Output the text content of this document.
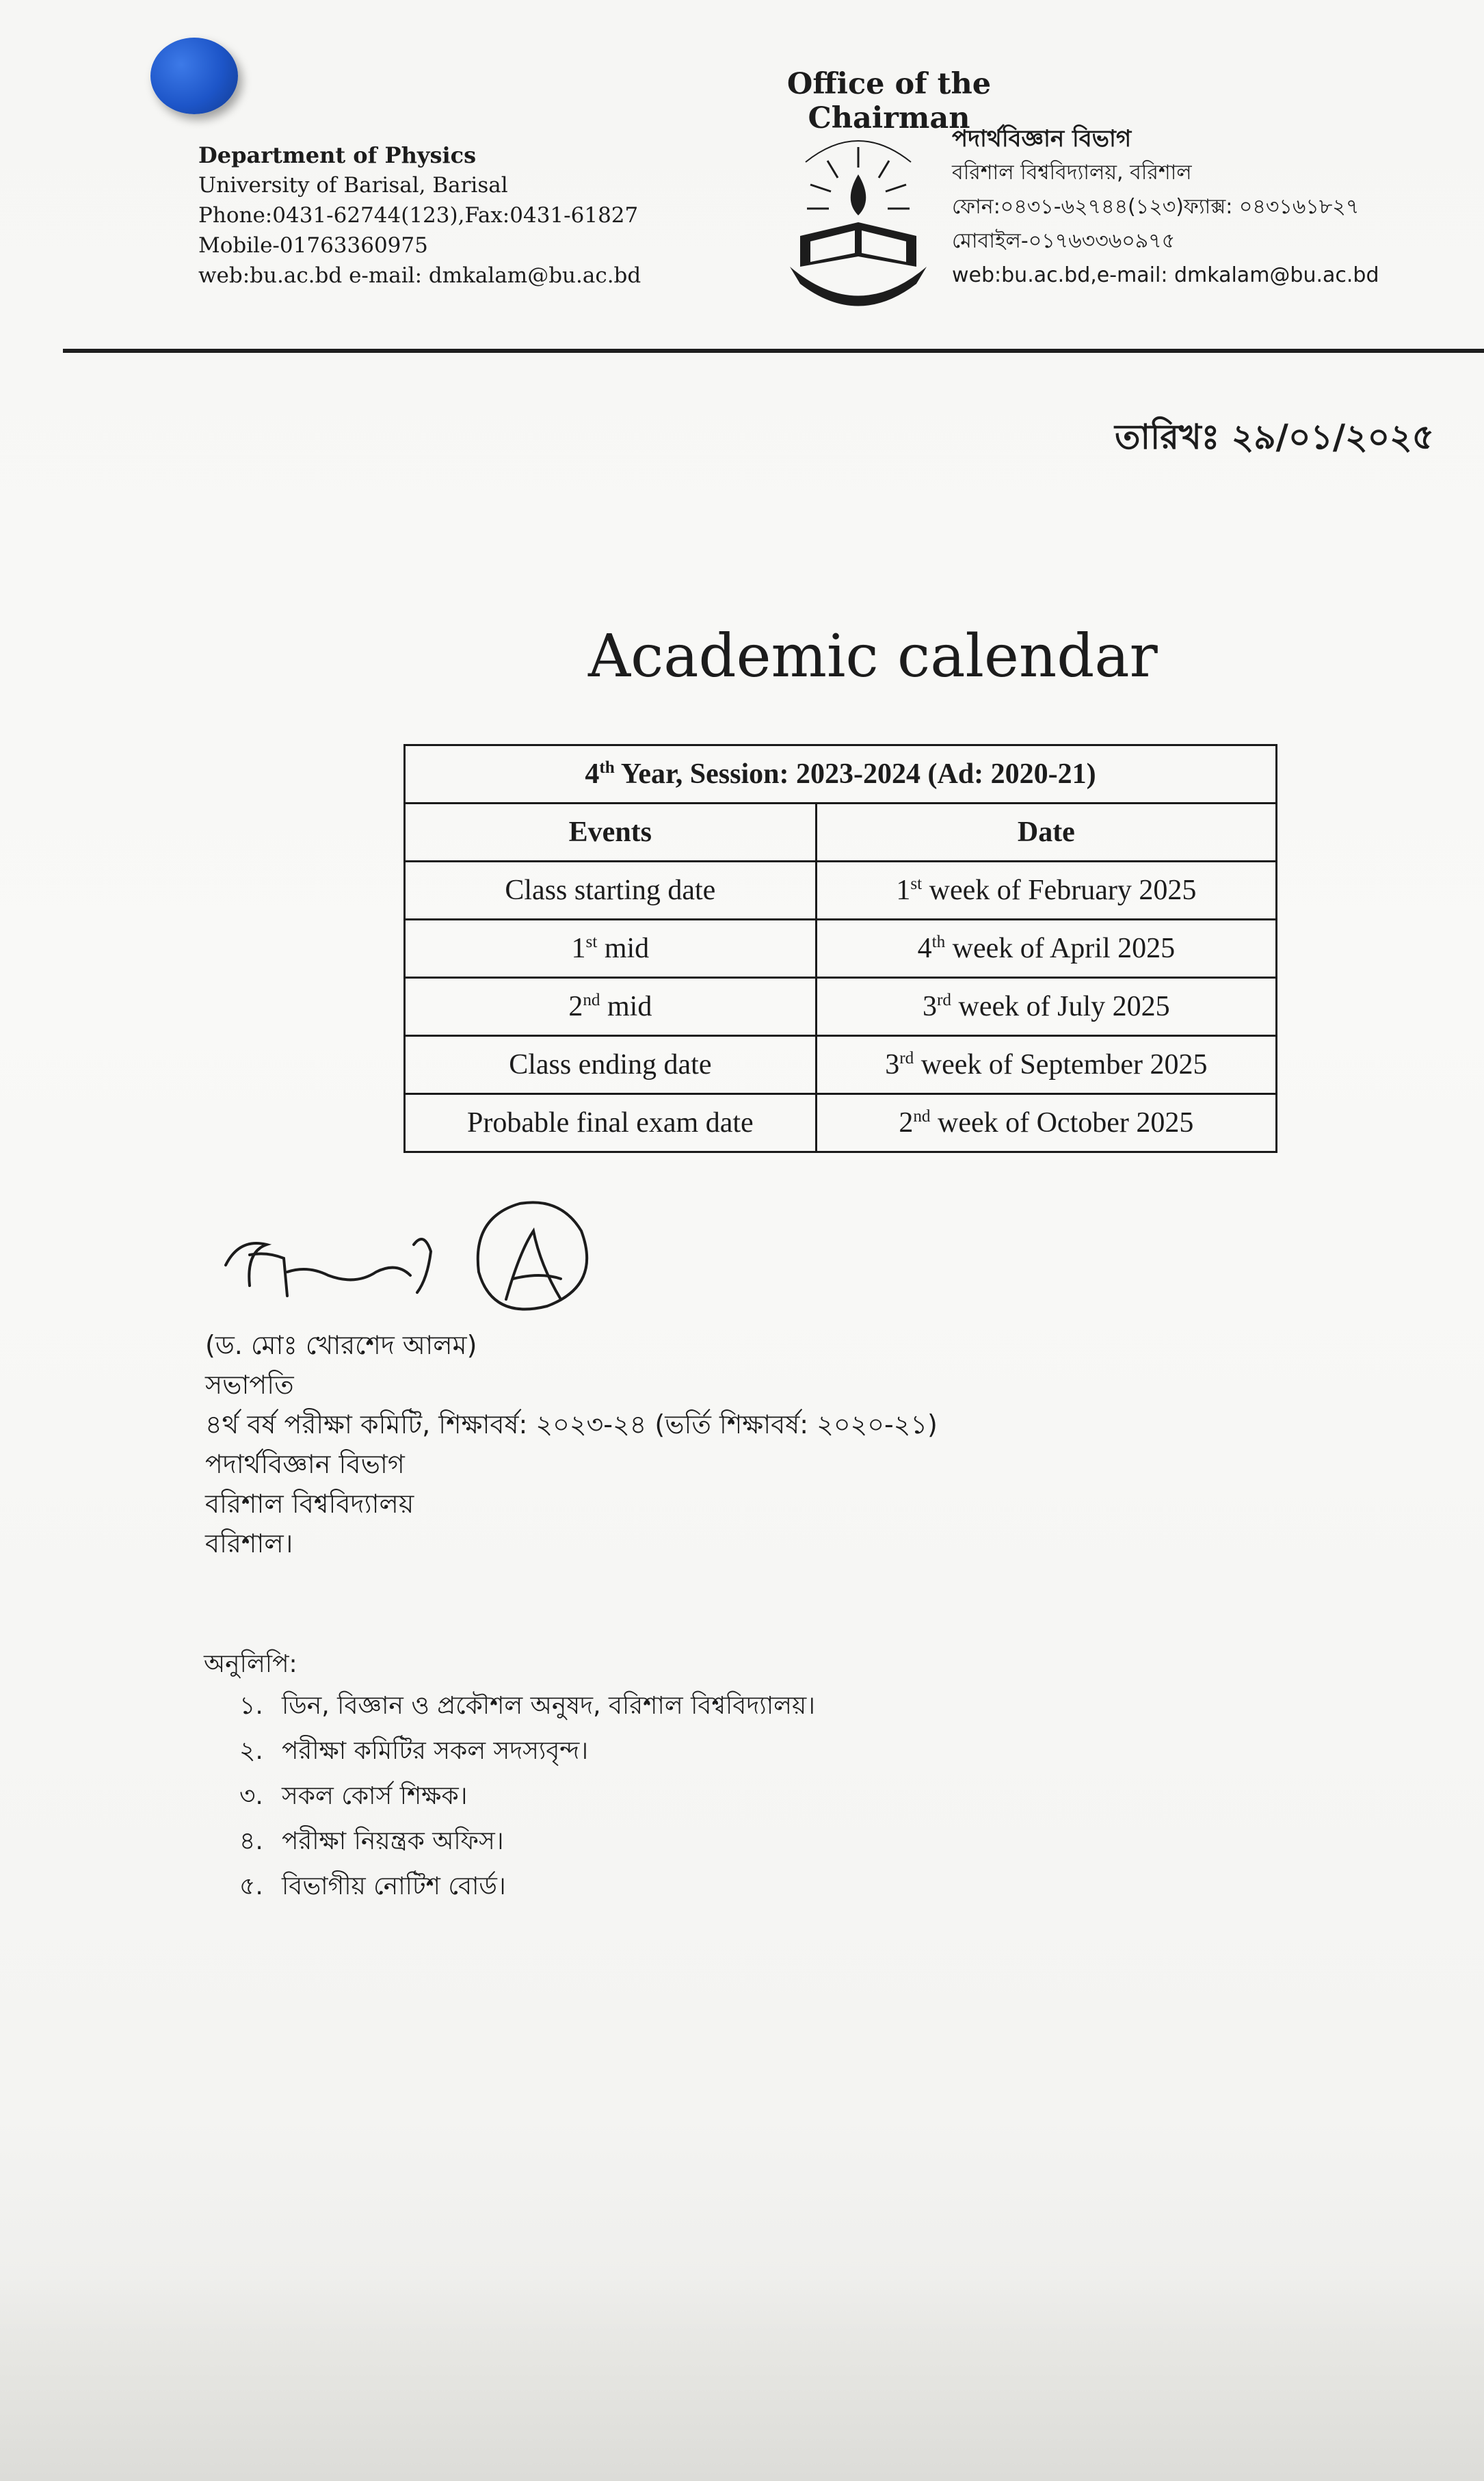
Office of the Chairman
Department of Physics
University of Barisal, Barisal
Phone:0431-62744(123),Fax:0431-61827
Mobile-01763360975
web:bu.ac.bd e-mail: dmkalam@bu.ac.bd
পদার্থবিজ্ঞান বিভাগ
বরিশাল বিশ্ববিদ্যালয়, বরিশাল
ফোন:০৪৩১-৬২৭৪৪(১২৩)ফ্যাক্স: ০৪৩১৬১৮২৭
মোবাইল-০১৭৬৩৩৬০৯৭৫
web:bu.ac.bd,e-mail: dmkalam@bu.ac.bd
তারিখঃ ২৯/০১/২০২৫
Academic calendar
4th Year, Session: 2023-2024 (Ad: 2020-21)	
Events	Date
Class starting date	1st week of February 2025
1st mid	4th week of April 2025
2nd mid	3rd week of July 2025
Class ending date	3rd week of September 2025
Probable final exam date	2nd week of October 2025
(ড. মোঃ খোরশেদ আলম)
সভাপতি
৪র্থ বর্ষ পরীক্ষা কমিটি, শিক্ষাবর্ষ: ২০২৩-২৪ (ভর্তি শিক্ষাবর্ষ: ২০২০-২১)
পদার্থবিজ্ঞান বিভাগ
বরিশাল বিশ্ববিদ্যালয়
বরিশাল।
অনুলিপি:
১. ডিন, বিজ্ঞান ও প্রকৌশল অনুষদ, বরিশাল বিশ্ববিদ্যালয়।
২. পরীক্ষা কমিটির সকল সদস্যবৃন্দ।
৩. সকল কোর্স শিক্ষক।
৪. পরীক্ষা নিয়ন্ত্রক অফিস।
৫. বিভাগীয় নোটিশ বোর্ড।
